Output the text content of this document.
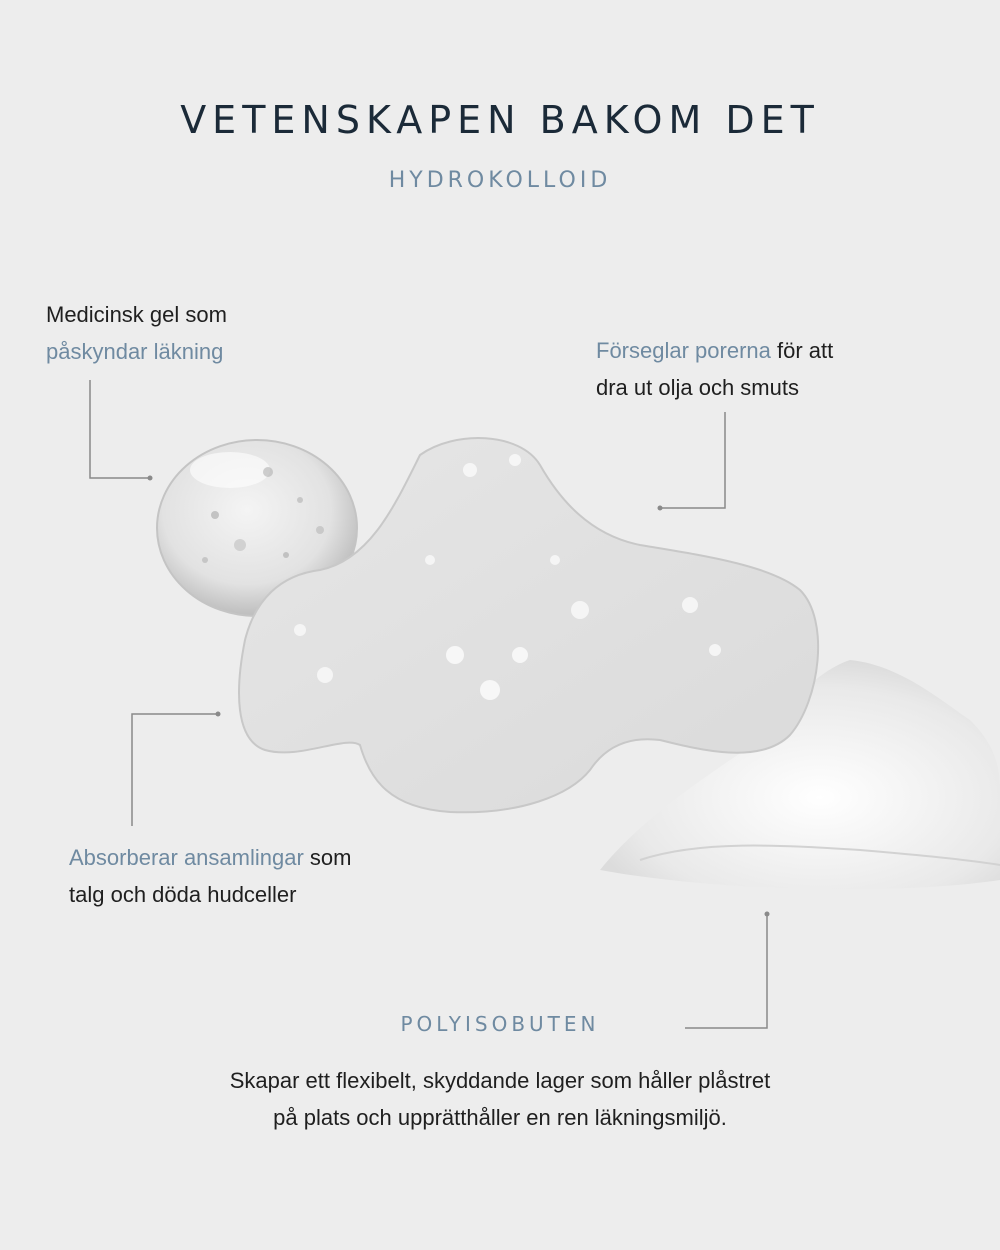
VETENSKAPEN BAKOM DET
HYDROKOLLOID
Medicinsk gel som
påskyndar läkning	Förseglar porerna för att
dra ut olja och smuts
Absorberar ansamlingar som
talg och döda hudceller
POLYISOBUTEN
Skapar ett flexibelt, skyddande lager som håller plåstret
på plats och upprätthåller en ren läkningsmiljö.
